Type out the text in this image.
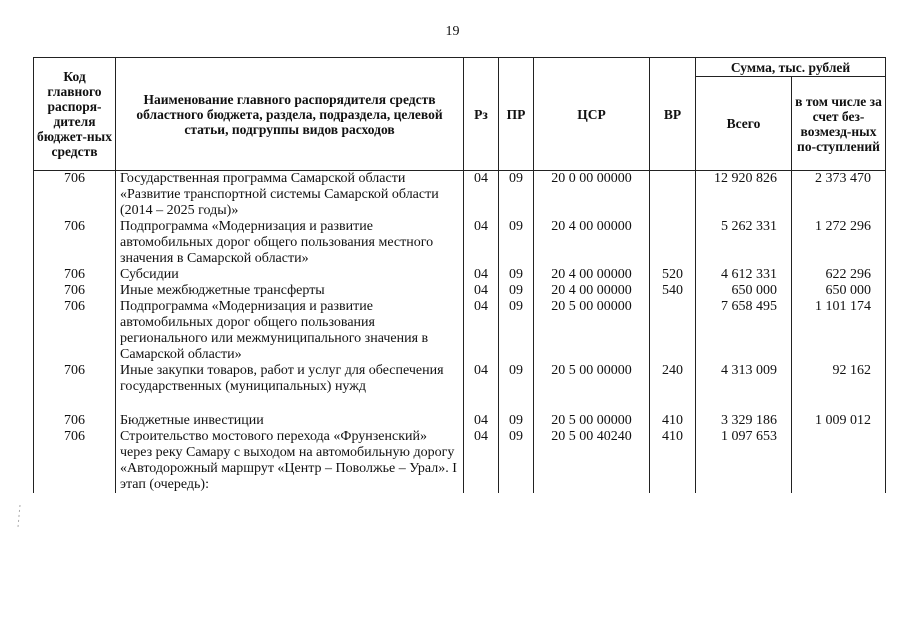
19
Код главного распоря-дителя бюджет-ных средств	Наименование главного распорядителя средств областного бюджета, раздела, подраздела, целевой статьи, подгруппы видов расходов	Рз	ПР	ЦСР	ВР	Сумма, тыс. рублей	
						Всего	в том числе за счет без-возмезд-ных по-ступлений
706	Государственная программа Самарской области «Развитие транспортной системы Самарской области (2014 – 2025 годы)»	04	09	20 0 00 00000		12 920 826	2 373 470
706	Подпрограмма «Модернизация и развитие автомобильных дорог общего пользования местного значения в Самарской области»	04	09	20 4 00 00000		5 262 331	1 272 296
706	Субсидии	04	09	20 4 00 00000	520	4 612 331	622 296
706	Иные межбюджетные трансферты	04	09	20 4 00 00000	540	650 000	650 000
706	Подпрограмма «Модернизация и развитие автомобильных дорог общего пользования регионального или межмуниципального значения в Самарской области»	04	09	20 5 00 00000		7 658 495	1 101 174
706	Иные закупки товаров, работ и услуг для обеспечения государственных (муниципальных) нужд	04	09	20 5 00 00000	240	4 313 009	92 162

706	Бюджетные инвестиции	04	09	20 5 00 00000	410	3 329 186	1 009 012
706	Строительство мостового перехода «Фрунзенский» через реку Самару с выходом на автомобильную дорогу «Автодорожный маршрут «Центр – Поволжье – Урал». I этап (очередь):	04	09	20 5 00 40240	410	1 097 653	
